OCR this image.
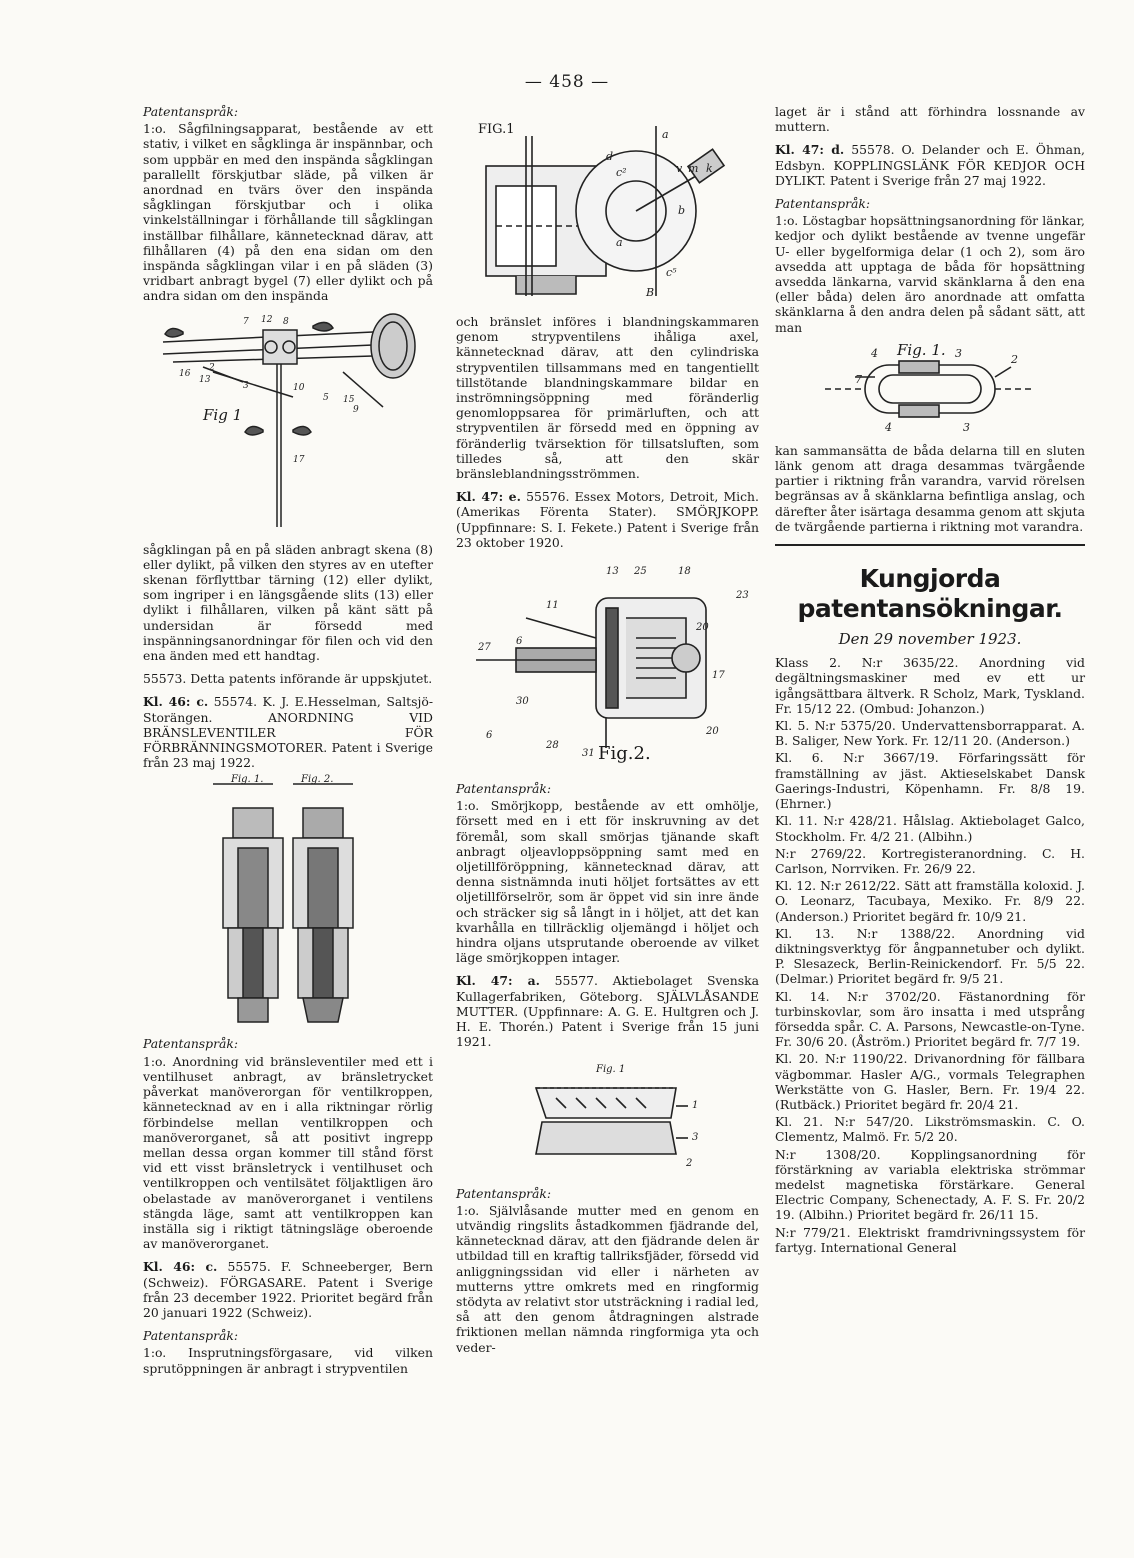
— 458 —

Patentanspråk:

1:o. Sågfilningsapparat, bestående av ett stativ, i vilket en sågklinga är inspännbar, och som uppbär en med den inspända sågklingan parallellt förskjutbar släde, på vilken är anordnad en tvärs över den inspända sågklingan förskjutbar och i olika vinkelställningar i förhållande till sågklingan inställbar filhållare, kännetecknad därav, att filhållaren (4) på den ena sidan om den inspända sågklingan vilar i en på släden (3) vridbart anbragt bygel (7) eller dylikt och på andra sidan om den inspända

7 12 8
16
13
3	10
5 15
9
17
2
Fig 1

sågklingan på en på släden anbragt skena (8) eller dylikt, på vilken den styres av en utefter skenan förflyttbar tärning (12) eller dylikt, som ingriper i en längsgående slits (13) eller dylikt i filhållaren, vilken på känt sätt på undersidan är försedd med inspänningsanordningar för filen och vid den ena änden med ett handtag.

55573. Detta patents införande är uppskjutet.

Kl. 46: c. 55574. K. J. E.Hesselman, Saltsjö-Storängen. ANORDNING VID BRÄNSLEVENTILER FÖR FÖRBRÄNNINGSMOTORER. Patent i Sverige från 23 maj 1922.

Fig. 1.	Fig. 2.

Patentanspråk:

1:o. Anordning vid bränsleventiler med ett i ventilhuset anbragt, av bränsletrycket påverkat manöverorgan för ventilkroppen, kännetecknad av en i alla riktningar rörlig förbindelse mellan ventilkroppen och manöverorganet, så att positivt ingrepp mellan dessa organ kommer till stånd först vid ett visst bränsletryck i ventilhuset och ventilkroppen och ventilsätet följaktligen äro obelastade av manöverorganet i ventilens stängda läge, samt att ventilkroppen kan inställa sig i riktigt tätningsläge oberoende av manöverorganet.

Kl. 46: c. 55575. F. Schneeberger, Bern (Schweiz). FÖRGASARE. Patent i Sverige från 23 december 1922. Prioritet begärd från 20 januari 1922 (Schweiz).

Patentanspråk:

1:o. Insprutningsförgasare, vid vilken sprutöppningen är anbragt i strypventilen

a
d
c²	v m k
b
a
c⁵
B
FIG.1

och bränslet införes i blandningskammaren genom strypventilens ihåliga axel, kännetecknad därav, att den cylindriska strypventilen tillsammans med en tangentiellt tillstötande blandningskammare bildar en inströmningsöppning med föränderlig genomloppsarea för primärluften, och att strypventilen är försedd med en öppning av föränderlig tvärsektion för tillsatsluften, som tilledes så, att den skär bränsleblandningsströmmen.

Kl. 47: e. 55576. Essex Motors, Detroit, Mich. (Amerikas Förenta Stater). SMÖRJKOPP. (Uppfinnare: S. I. Fekete.) Patent i Sverige från 23 oktober 1920.

13 25	18
11
27
6
30
6
28
31
20
17
20
23
Fig.2.

Patentanspråk:

1:o. Smörjkopp, bestående av ett omhölje, försett med en i ett för inskruvning av det föremål, som skall smörjas tjänande skaft anbragt oljeavloppsöppning samt med en oljetillföröppning, kännetecknad därav, att denna sistnämnda inuti höljet fortsättes av ett oljetillförselrör, som är öppet vid sin inre ände och sträcker sig så långt in i höljet, att det kan kvarhålla en tillräcklig oljemängd i höljet och hindra oljans utsprutande oberoende av vilket läge smörjkoppen intager.

Kl. 47: a. 55577. Aktiebolaget Svenska Kullagerfabriken, Göteborg. SJÄLVLÅSANDE MUTTER. (Uppfinnare: A. G. E. Hultgren och J. H. E. Thorén.) Patent i Sverige från 15 juni 1921.

1
3
2
Fig. 1

Patentanspråk:

1:o. Självlåsande mutter med en genom en utvändig ringslits åstadkommen fjädrande del, kännetecknad därav, att den fjädrande delen är utbildad till en kraftig tallriksfjäder, försedd vid anliggningssidan vid eller i närheten av mutterns yttre omkrets med en ringformig stödyta av relativt stor utsträckning i radial led, så att den genom åtdragningen alstrade friktionen mellan nämnda ringformiga yta och veder-

laget är i stånd att förhindra lossnande av muttern.

Kl. 47: d. 55578. O. Delander och E. Öhman, Edsbyn. KOPPLINGSLÄNK FÖR KEDJOR OCH DYLIKT. Patent i Sverige från 27 maj 1922.

Patentanspråk:

1:o. Löstagbar hopsättningsanordning för länkar, kedjor och dylikt bestående av tvenne ungefär U- eller bygelformiga delar (1 och 2), som äro avsedda att upptaga de båda för hopsättning avsedda länkarna, varvid skänklarna å den ena (eller båda) delen äro anordnade att omfatta skänklarna å den andra delen på sådant sätt, att man

4	3
7
2
4	3
Fig. 1.

kan sammansätta de båda delarna till en sluten länk genom att draga desammas tvärgående partier i riktning från varandra, varvid rörelsen begränsas av å skänklarna befintliga anslag, och därefter åter isärtaga desamma genom att skjuta de tvärgående partierna i riktning mot varandra.

Kungjorda patentansökningar.
Den 29 november 1923.

Klass 2. N:r 3635/22. Anordning vid degältningsmaskiner med ev ett ur igångsättbara ältverk. R Scholz, Mark, Tyskland. Fr. 15/12 22. (Ombud: Johanzon.)

Kl. 5. N:r 5375/20. Undervattensborrapparat. A. B. Saliger, New York. Fr. 12/11 20. (Anderson.)

Kl. 6. N:r 3667/19. Förfaringssätt för framställning av jäst. Aktieselskabet Dansk Gaerings-Industri, Köpenhamn. Fr. 8/8 19. (Ehrner.)

Kl. 11. N:r 428/21. Hålslag. Aktiebolaget Galco, Stockholm. Fr. 4/2 21. (Albihn.)

N:r 2769/22. Kortregisteranordning. C. H. Carlson, Norrviken. Fr. 26/9 22.

Kl. 12. N:r 2612/22. Sätt att framställa koloxid. J. O. Leonarz, Tacubaya, Mexiko. Fr. 8/9 22. (Anderson.) Prioritet begärd fr. 10/9 21.

Kl. 13. N:r 1388/22. Anordning vid diktningsverktyg för ångpannetuber och dylikt. P. Slesazeck, Berlin-Reinickendorf. Fr. 5/5 22. (Delmar.) Prioritet begärd fr. 9/5 21.

Kl. 14. N:r 3702/20. Fästanordning för turbinskovlar, som äro insatta i med utsprång försedda spår. C. A. Parsons, Newcastle-on-Tyne. Fr. 30/6 20. (Åström.) Prioritet begärd fr. 7/7 19.

Kl. 20. N:r 1190/22. Drivanordning för fällbara vägbommar. Hasler A/G., vormals Telegraphen Werkstätte von G. Hasler, Bern. Fr. 19/4 22. (Rutbäck.) Prioritet begärd fr. 20/4 21.

Kl. 21. N:r 547/20. Likströmsmaskin. C. O. Clementz, Malmö. Fr. 5/2 20.

N:r 1308/20. Kopplingsanordning för förstärkning av variabla elektriska strömmar medelst magnetiska förstärkare. General Electric Company, Schenectady, A. F. S. Fr. 20/2 19. (Albihn.) Prioritet begärd fr. 26/11 15.

N:r 779/21. Elektriskt framdrivningssystem för fartyg. International General
